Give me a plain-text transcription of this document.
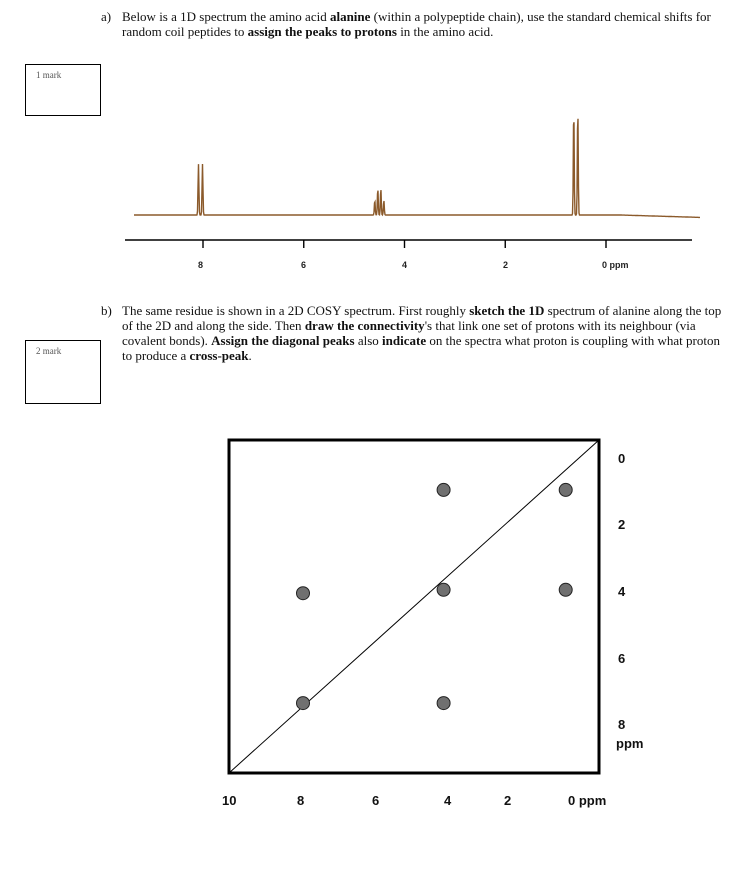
a) Below is a 1D spectrum the amino acid alanine (within a polypeptide chain), use the standard chemical shifts for random coil peptides to assign the peaks to protons in the amino acid.
1 mark
8	6	4	2	0 ppm
b) The same residue is shown in a 2D COSY spectrum. First roughly sketch the 1D spectrum of alanine along the top of the 2D and along the side. Then draw the connectivity's that link one set of protons with its neighbour (via covalent bonds). Assign the diagonal peaks also indicate on the spectra what proton is coupling with what proton to produce a cross-peak.
2 mark
10	8	6	4	2	0 ppm
0
2
4
6
8
ppm
